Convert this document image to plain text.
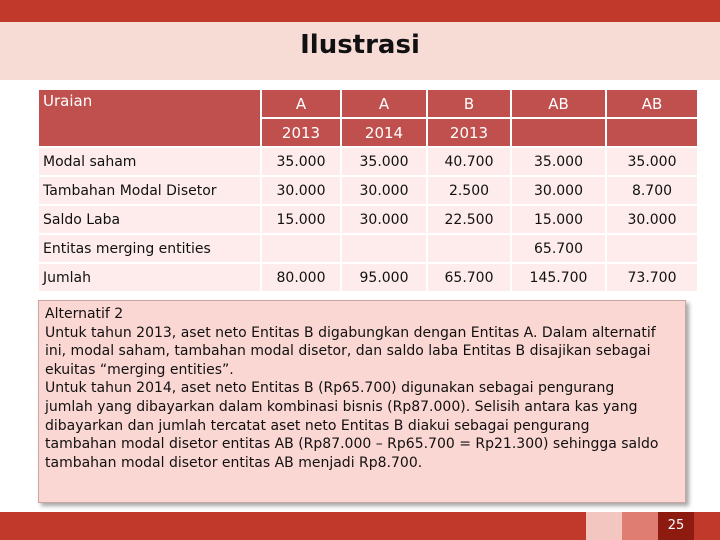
Ilustrasi
Uraian	A	A	B	AB	AB
	2013	2014	2013		
Modal saham	35.000	35.000	40.700	35.000	35.000
Tambahan Modal Disetor	30.000	30.000	2.500	30.000	8.700
Saldo Laba	15.000	30.000	22.500	15.000	30.000
Entitas merging entities				65.700	
Jumlah	80.000	95.000	65.700	145.700	73.700
Alternatif 2
Untuk tahun 2013, aset neto Entitas B digabungkan dengan Entitas A. Dalam alternatif
ini, modal saham, tambahan modal disetor, dan saldo laba Entitas B disajikan sebagai
ekuitas “merging entities”.
Untuk tahun 2014, aset neto Entitas B (Rp65.700) digunakan sebagai pengurang
jumlah yang dibayarkan dalam kombinasi bisnis (Rp87.000). Selisih antara kas yang
dibayarkan dan jumlah tercatat aset neto Entitas B diakui sebagai pengurang
tambahan modal disetor entitas AB (Rp87.000 – Rp65.700 = Rp21.300) sehingga saldo
tambahan modal disetor entitas AB menjadi Rp8.700.
25
